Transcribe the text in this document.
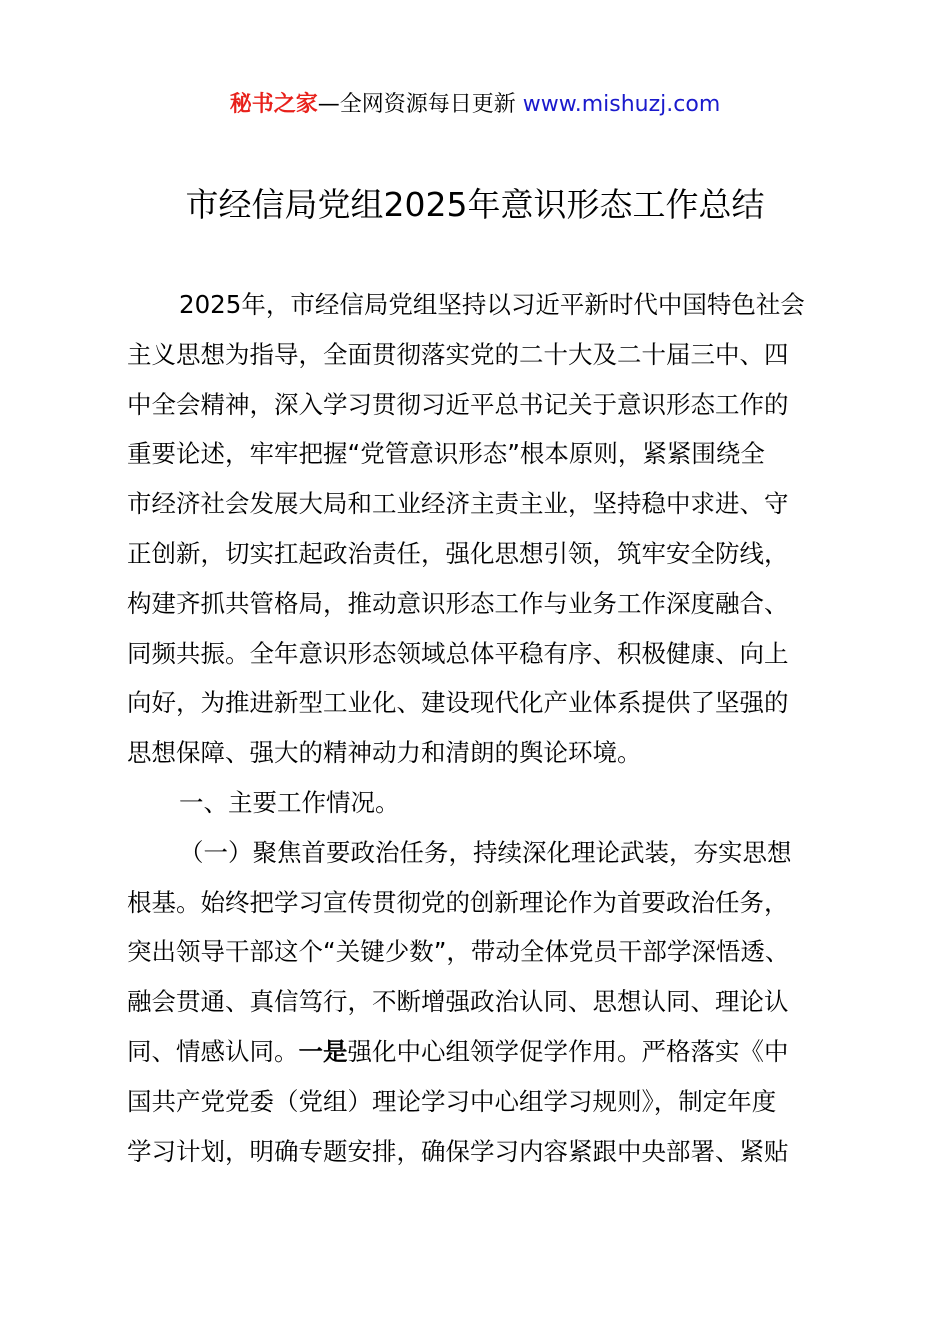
秘书之家—全网资源每日更新 www.mishuzj.com
市经信局党组2025年意识形态工作总结
2025年，市经信局党组坚持以习近平新时代中国特色社会
主义思想为指导，全面贯彻落实党的二十大及二十届三中、四
中全会精神，深入学习贯彻习近平总书记关于意识形态工作的
重要论述，牢牢把握“党管意识形态”根本原则，紧紧围绕全
市经济社会发展大局和工业经济主责主业，坚持稳中求进、守
正创新，切实扛起政治责任，强化思想引领，筑牢安全防线，
构建齐抓共管格局，推动意识形态工作与业务工作深度融合、
同频共振。全年意识形态领域总体平稳有序、积极健康、向上
向好，为推进新型工业化、建设现代化产业体系提供了坚强的
思想保障、强大的精神动力和清朗的舆论环境。
一、主要工作情况。
（一）聚焦首要政治任务，持续深化理论武装，夯实思想
根基。始终把学习宣传贯彻党的创新理论作为首要政治任务，
突出领导干部这个“关键少数”，带动全体党员干部学深悟透、
融会贯通、真信笃行，不断增强政治认同、思想认同、理论认
同、情感认同。一是强化中心组领学促学作用。严格落实《中
国共产党党委（党组）理论学习中心组学习规则》，制定年度
学习计划，明确专题安排，确保学习内容紧跟中央部署、紧贴
